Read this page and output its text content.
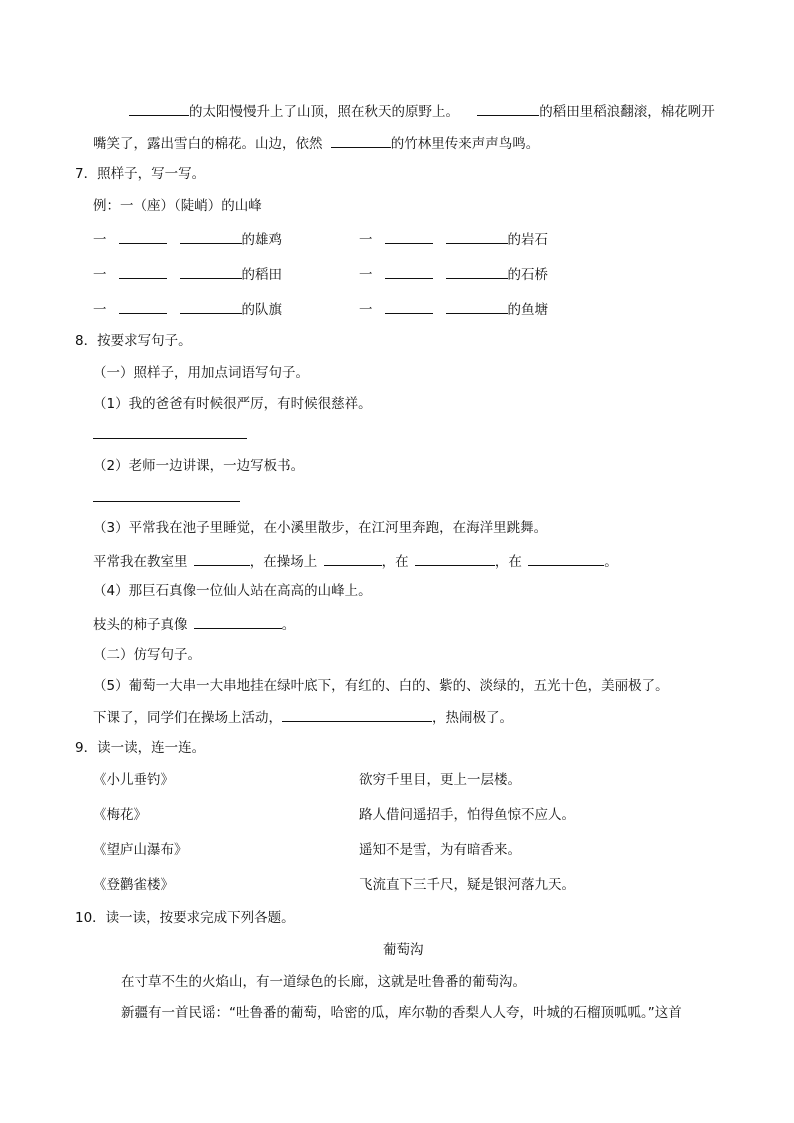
的太阳慢慢升上了山顶，照在秋天的原野上。	的稻田里稻浪翻滚，棉花咧开
嘴笑了，露出雪白的棉花。山边，依然	的竹林里传来声声鸟鸣。
7．照样子，写一写。
例：一（座）（陡峭）的山峰
一	的雄鸡	一	的岩石
一	的稻田	一	的石桥
一	的队旗	一	的鱼塘
8．按要求写句子。
（一）照样子，用加点词语写句子。
（1）我的爸爸有时候很严厉，有时候很慈祥。
（2）老师一边讲课，一边写板书。
（3）平常我在池子里睡觉，在小溪里散步，在江河里奔跑，在海洋里跳舞。
平常我在教室里	，在操场上	，在	，在	。
（4）那巨石真像一位仙人站在高高的山峰上。
枝头的柿子真像	。
（二）仿写句子。
（5）葡萄一大串一大串地挂在绿叶底下，有红的、白的、紫的、淡绿的，五光十色，美丽极了。
下课了，同学们在操场上活动，	，热闹极了。
9．读一读，连一连。
《小儿垂钓》	欲穷千里目，更上一层楼。
《梅花》	路人借问遥招手，怕得鱼惊不应人。
《望庐山瀑布》	遥知不是雪，为有暗香来。
《登鹳雀楼》	飞流直下三千尺，疑是银河落九天。
10．读一读，按要求完成下列各题。
葡萄沟
在寸草不生的火焰山，有一道绿色的长廊，这就是吐鲁番的葡萄沟。
新疆有一首民谣：“吐鲁番的葡萄，哈密的瓜，库尔勒的香梨人人夸，叶城的石榴顶呱呱。”这首
